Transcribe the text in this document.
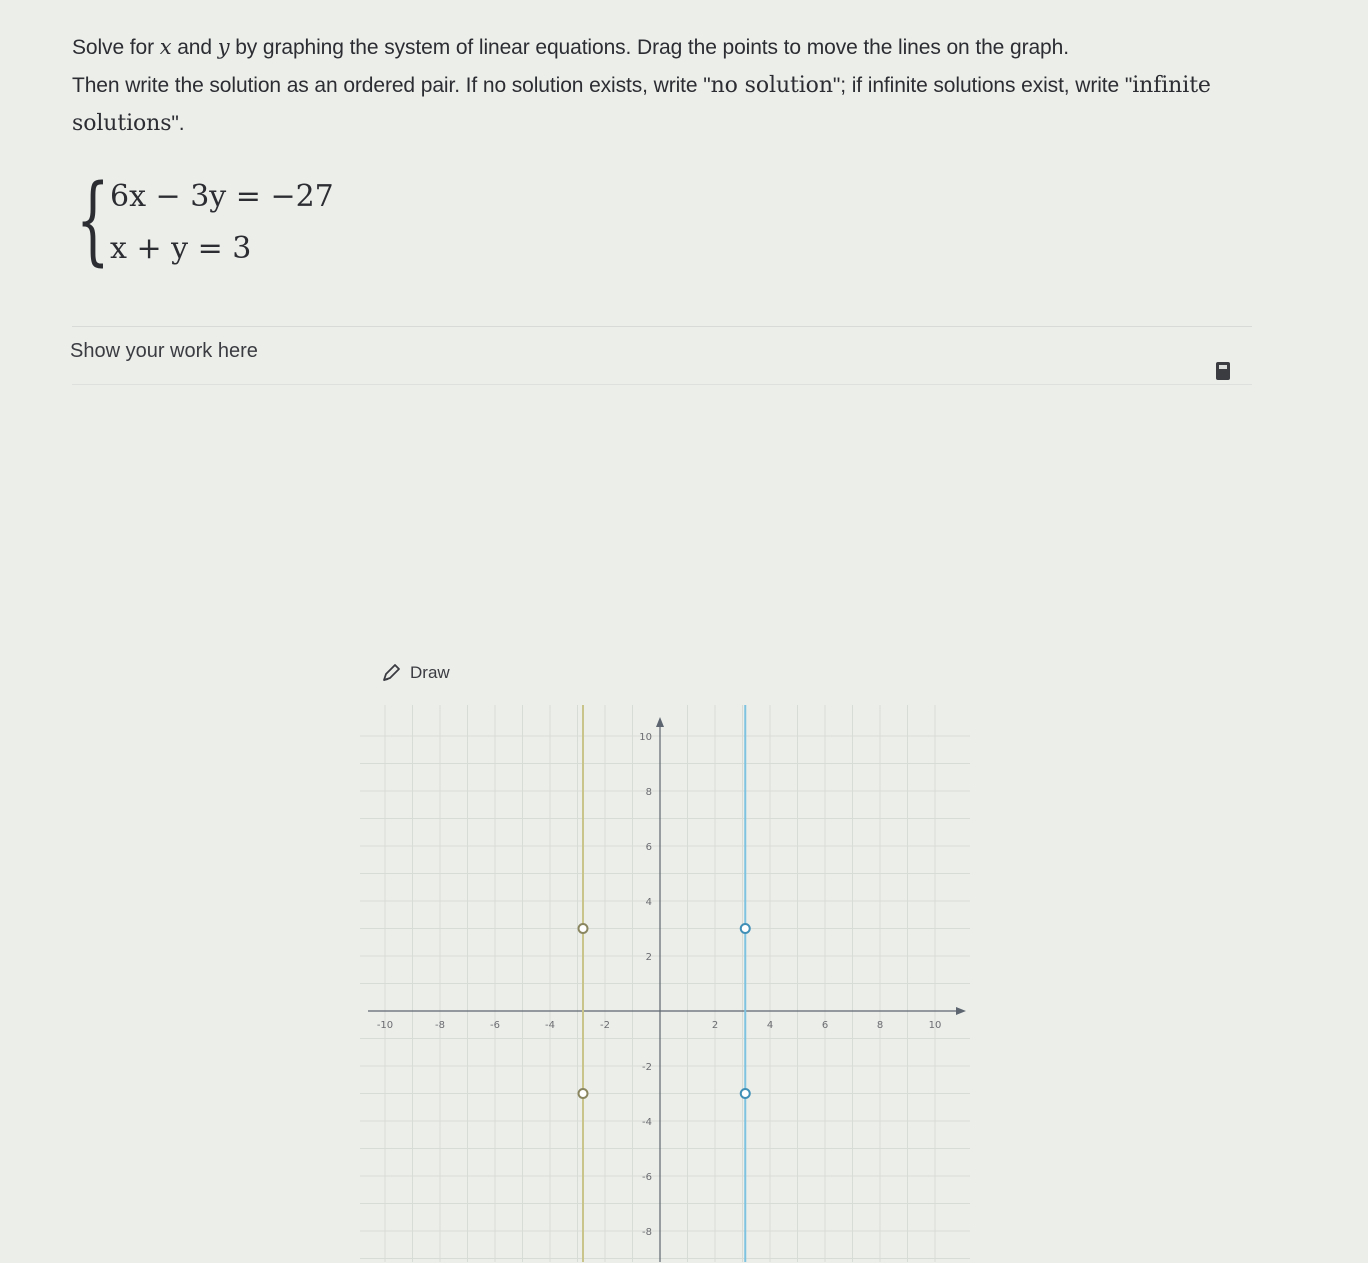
Solve for x and y by graphing the system of linear equations. Drag the points to move the lines on the graph.

Then write the solution as an ordered pair. If no solution exists, write "no solution"; if infinite solutions exist, write "infinite solutions".

{ 6x − 3y = −27
x + y = 3
Show your work here
Draw
-10	-8	-6	-4	-2	2	4	6	8	10
10
8
6
4
2
-2
-4
-6
-8
